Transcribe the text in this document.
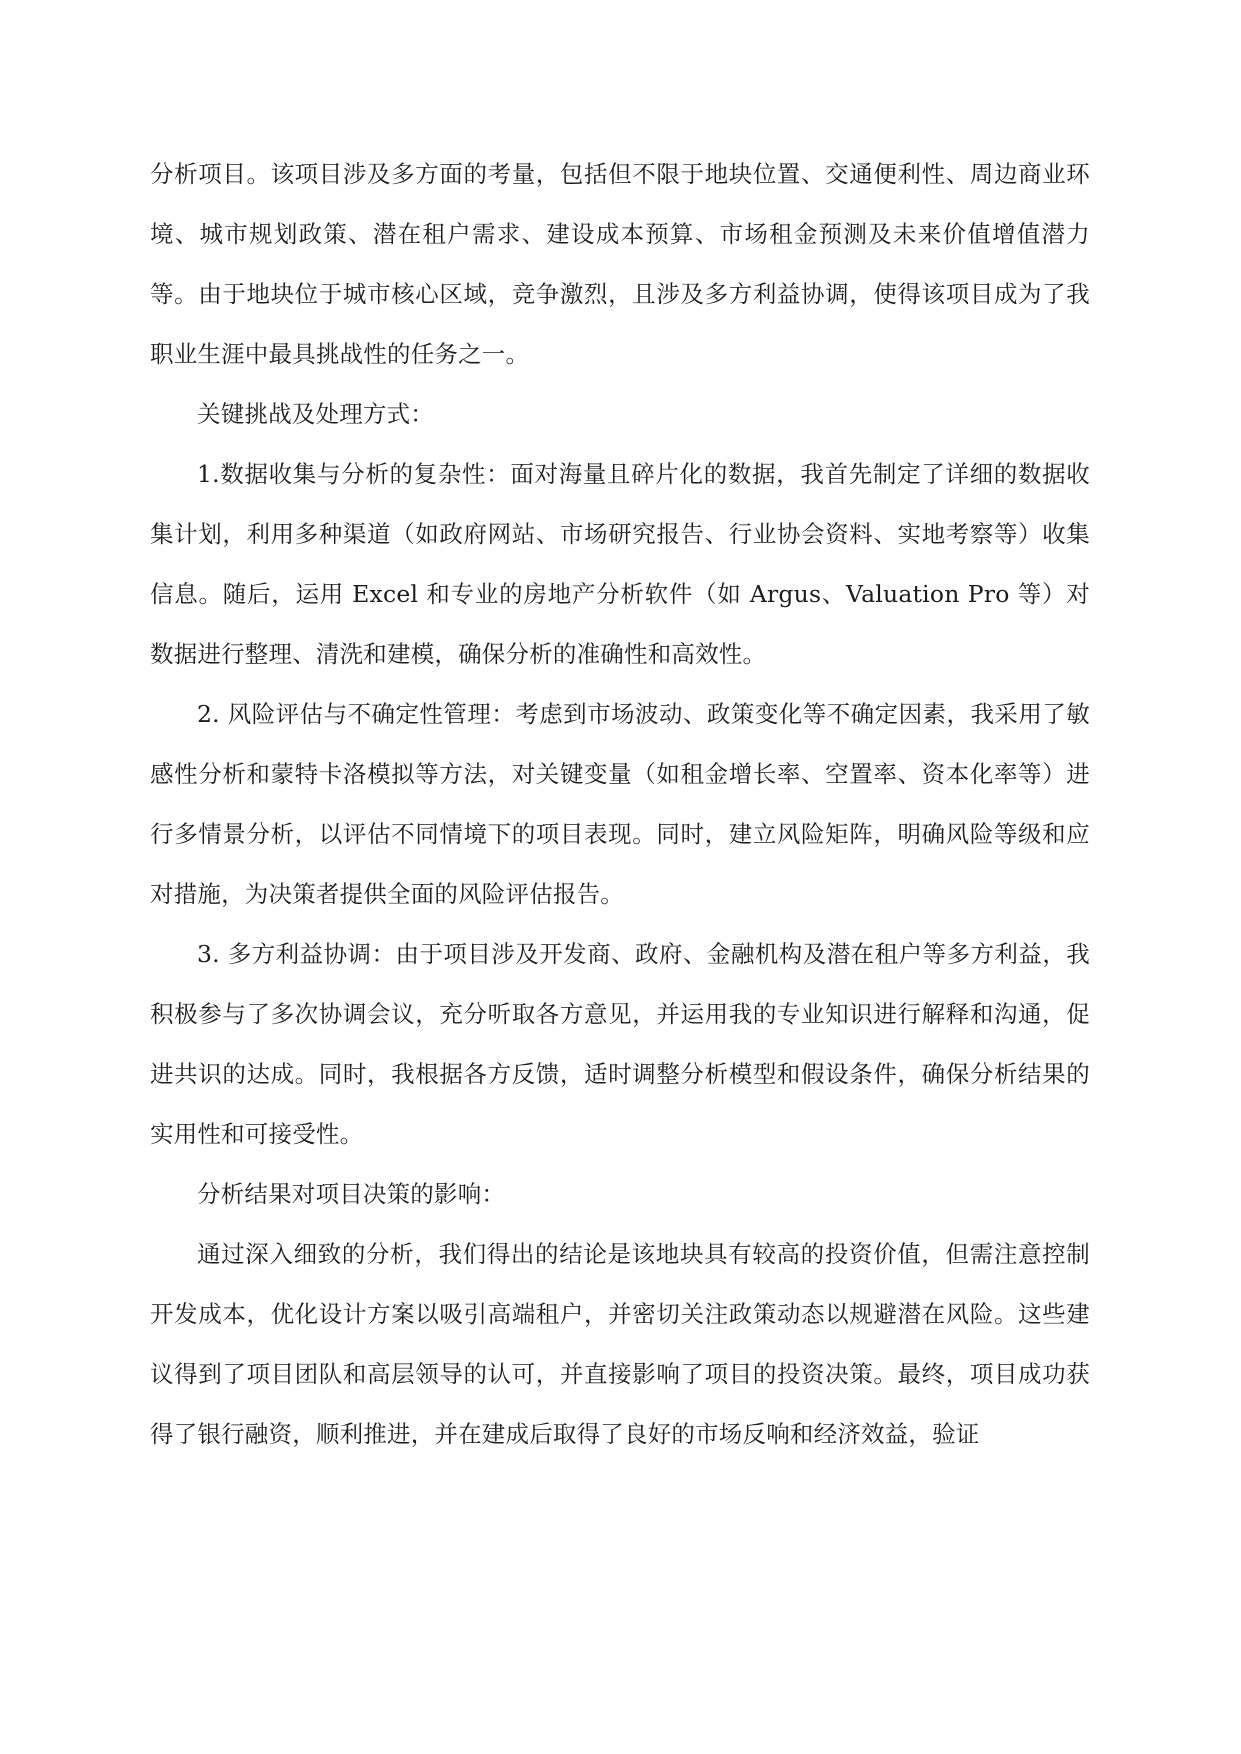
分析项目。该项目涉及多方面的考量，包括但不限于地块位置、交通便利性、周边商业环境、城市规划政策、潜在租户需求、建设成本预算、市场租金预测及未来价值增值潜力等。由于地块位于城市核心区域，竞争激烈，且涉及多方利益协调，使得该项目成为了我职业生涯中最具挑战性的任务之一。

关键挑战及处理方式：

1.数据收集与分析的复杂性：面对海量且碎片化的数据，我首先制定了详细的数据收集计划，利用多种渠道（如政府网站、市场研究报告、行业协会资料、实地考察等）收集信息。随后，运用 Excel 和专业的房地产分析软件（如 Argus、Valuation Pro 等）对数据进行整理、清洗和建模，确保分析的准确性和高效性。

2. 风险评估与不确定性管理：考虑到市场波动、政策变化等不确定因素，我采用了敏感性分析和蒙特卡洛模拟等方法，对关键变量（如租金增长率、空置率、资本化率等）进行多情景分析，以评估不同情境下的项目表现。同时，建立风险矩阵，明确风险等级和应对措施，为决策者提供全面的风险评估报告。

3. 多方利益协调：由于项目涉及开发商、政府、金融机构及潜在租户等多方利益，我积极参与了多次协调会议，充分听取各方意见，并运用我的专业知识进行解释和沟通，促进共识的达成。同时，我根据各方反馈，适时调整分析模型和假设条件，确保分析结果的实用性和可接受性。

分析结果对项目决策的影响：

通过深入细致的分析，我们得出的结论是该地块具有较高的投资价值，但需注意控制开发成本，优化设计方案以吸引高端租户，并密切关注政策动态以规避潜在风险。这些建议得到了项目团队和高层领导的认可，并直接影响了项目的投资决策。最终，项目成功获得了银行融资，顺利推进，并在建成后取得了良好的市场反响和经济效益，验证
